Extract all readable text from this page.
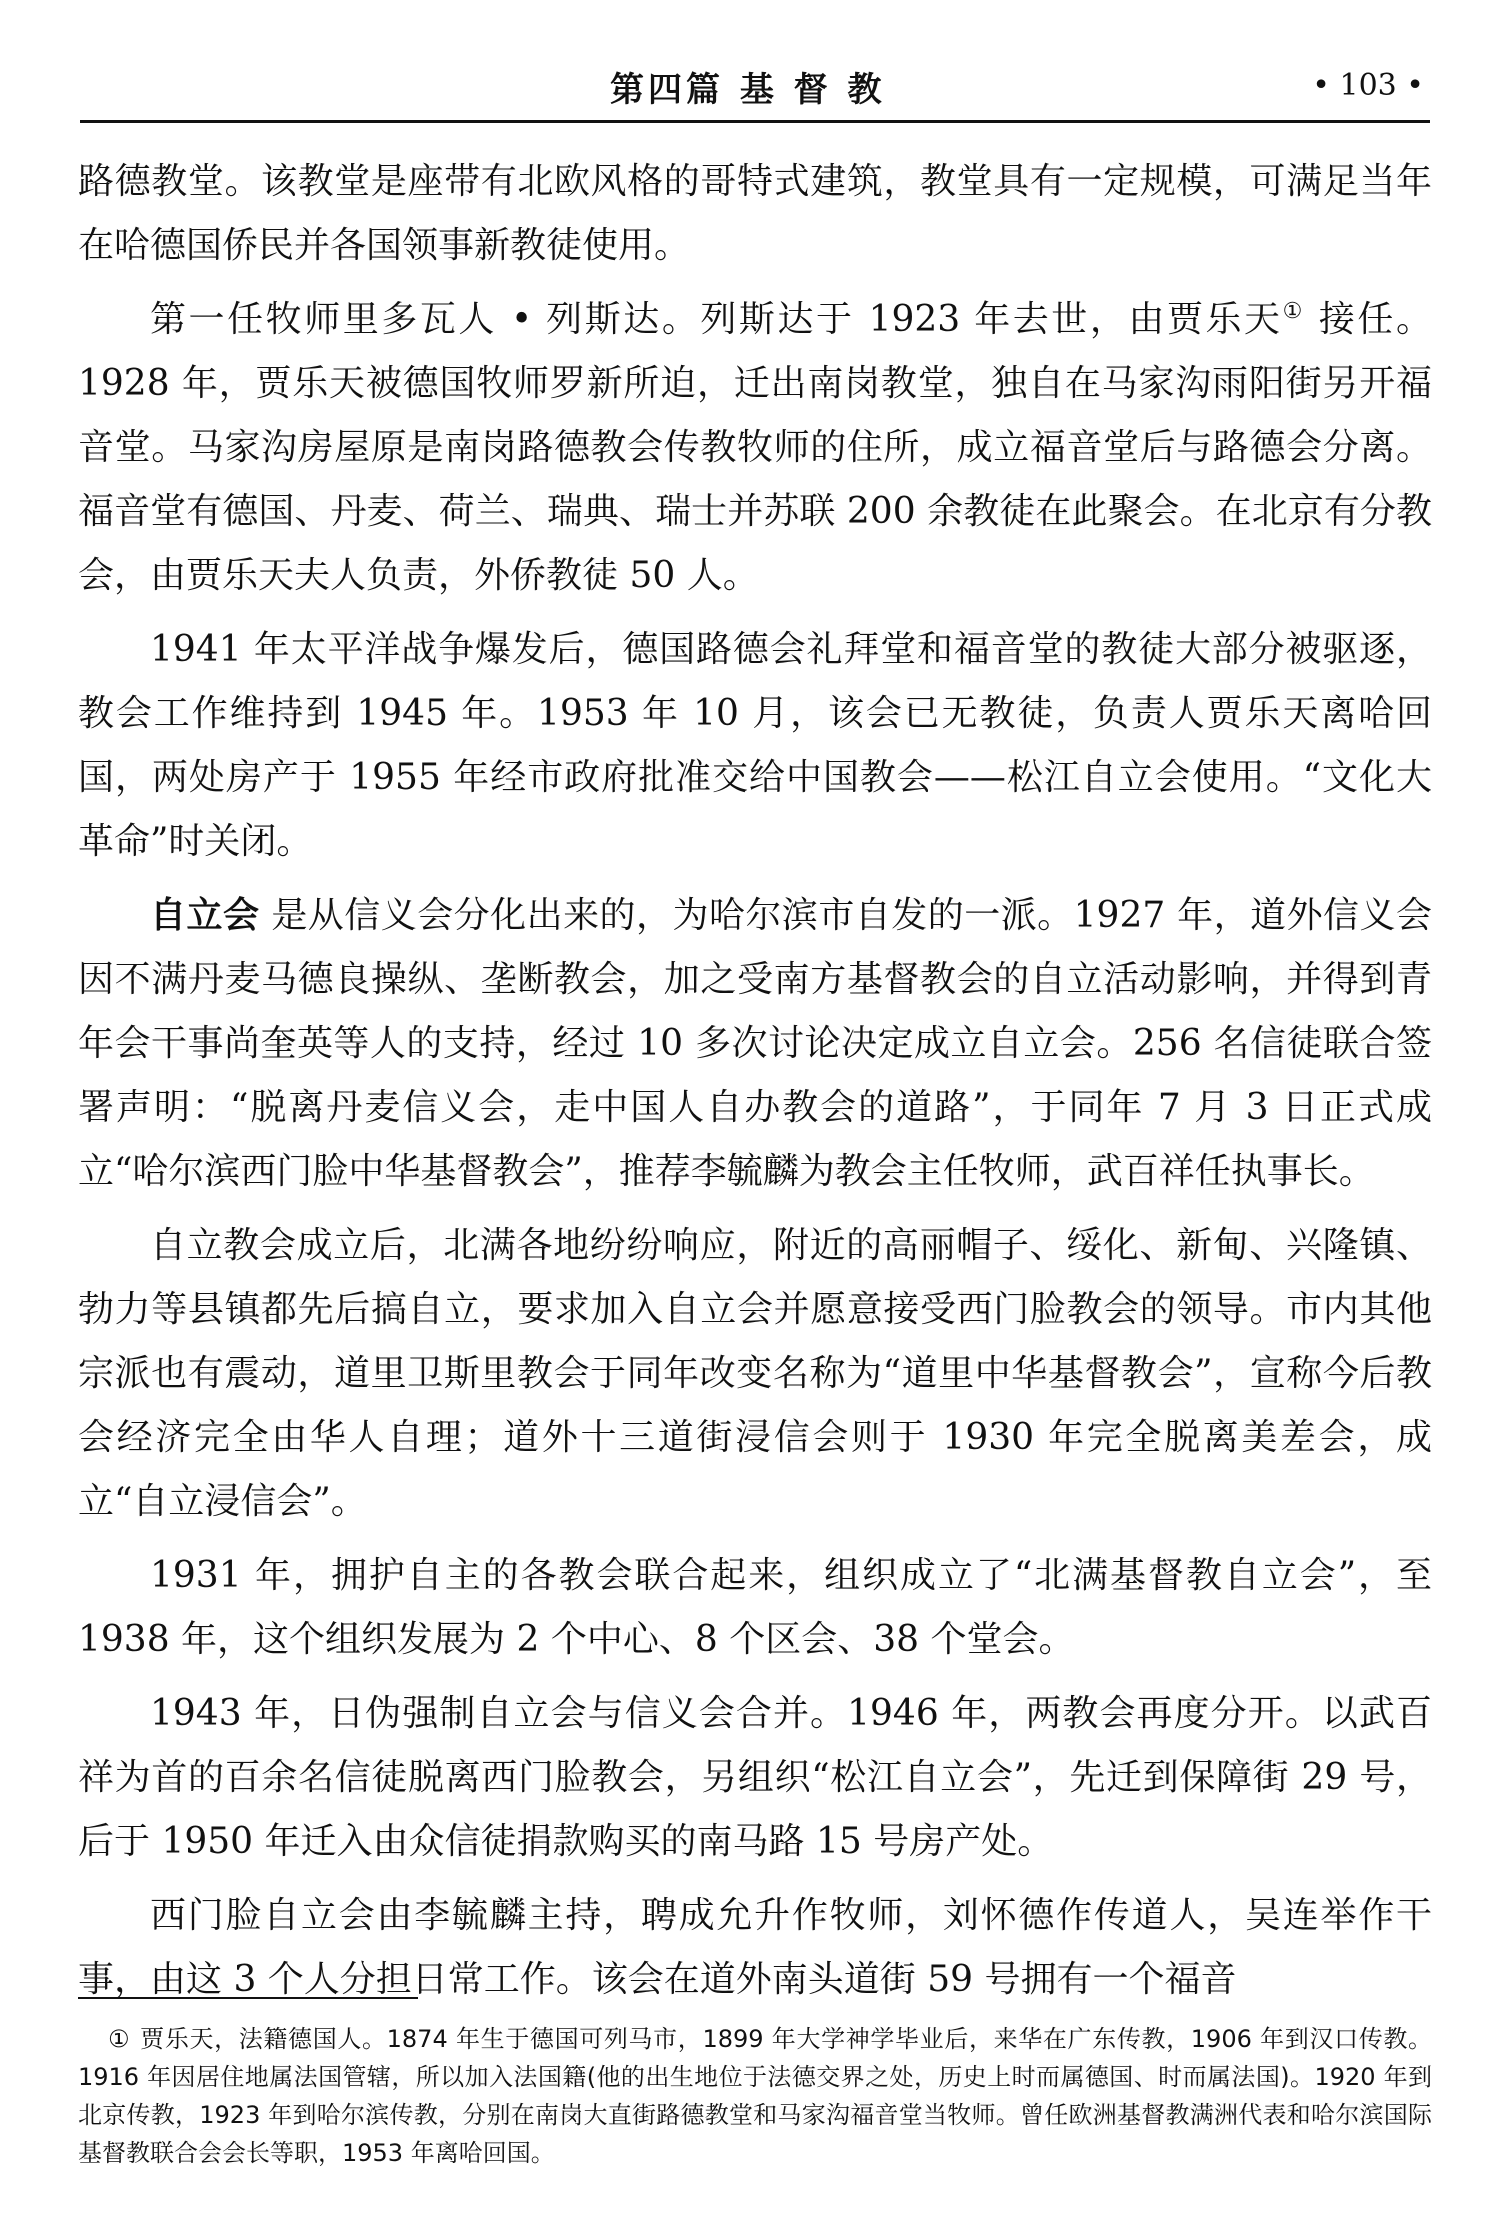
第四篇 基 督 教	• 103 •

路德教堂。该教堂是座带有北欧风格的哥特式建筑，教堂具有一定规模，可满足当年在哈德国侨民并各国领事新教徒使用。

第一任牧师里多瓦人 • 列斯达。列斯达于 1923 年去世，由贾乐天① 接任。1928 年，贾乐天被德国牧师罗新所迫，迁出南岗教堂，独自在马家沟雨阳街另开福音堂。马家沟房屋原是南岗路德教会传教牧师的住所，成立福音堂后与路德会分离。福音堂有德国、丹麦、荷兰、瑞典、瑞士并苏联 200 余教徒在此聚会。在北京有分教会，由贾乐天夫人负责，外侨教徒 50 人。

1941 年太平洋战争爆发后，德国路德会礼拜堂和福音堂的教徒大部分被驱逐，教会工作维持到 1945 年。1953 年 10 月，该会已无教徒，负责人贾乐天离哈回国，两处房产于 1955 年经市政府批准交给中国教会——松江自立会使用。“文化大革命”时关闭。

自立会 是从信义会分化出来的，为哈尔滨市自发的一派。1927 年，道外信义会因不满丹麦马德良操纵、垄断教会，加之受南方基督教会的自立活动影响，并得到青年会干事尚奎英等人的支持，经过 10 多次讨论决定成立自立会。256 名信徒联合签署声明：“脱离丹麦信义会，走中国人自办教会的道路”，于同年 7 月 3 日正式成立“哈尔滨西门脸中华基督教会”，推荐李毓麟为教会主任牧师，武百祥任执事长。

自立教会成立后，北满各地纷纷响应，附近的高丽帽子、绥化、新甸、兴隆镇、勃力等县镇都先后搞自立，要求加入自立会并愿意接受西门脸教会的领导。市内其他宗派也有震动，道里卫斯里教会于同年改变名称为“道里中华基督教会”，宣称今后教会经济完全由华人自理；道外十三道街浸信会则于 1930 年完全脱离美差会，成立“自立浸信会”。

1931 年，拥护自主的各教会联合起来，组织成立了“北满基督教自立会”，至 1938 年，这个组织发展为 2 个中心、8 个区会、38 个堂会。

1943 年，日伪强制自立会与信义会合并。1946 年，两教会再度分开。以武百祥为首的百余名信徒脱离西门脸教会，另组织“松江自立会”，先迁到保障街 29 号，后于 1950 年迁入由众信徒捐款购买的南马路 15 号房产处。

西门脸自立会由李毓麟主持，聘成允升作牧师，刘怀德作传道人，吴连举作干事，由这 3 个人分担日常工作。该会在道外南头道街 59 号拥有一个福音

① 贾乐天，法籍德国人。1874 年生于德国可列马市，1899 年大学神学毕业后，来华在广东传教，1906 年到汉口传教。1916 年因居住地属法国管辖，所以加入法国籍(他的出生地位于法德交界之处，历史上时而属德国、时而属法国)。1920 年到北京传教，1923 年到哈尔滨传教，分别在南岗大直街路德教堂和马家沟福音堂当牧师。曾任欧洲基督教满洲代表和哈尔滨国际基督教联合会会长等职，1953 年离哈回国。
